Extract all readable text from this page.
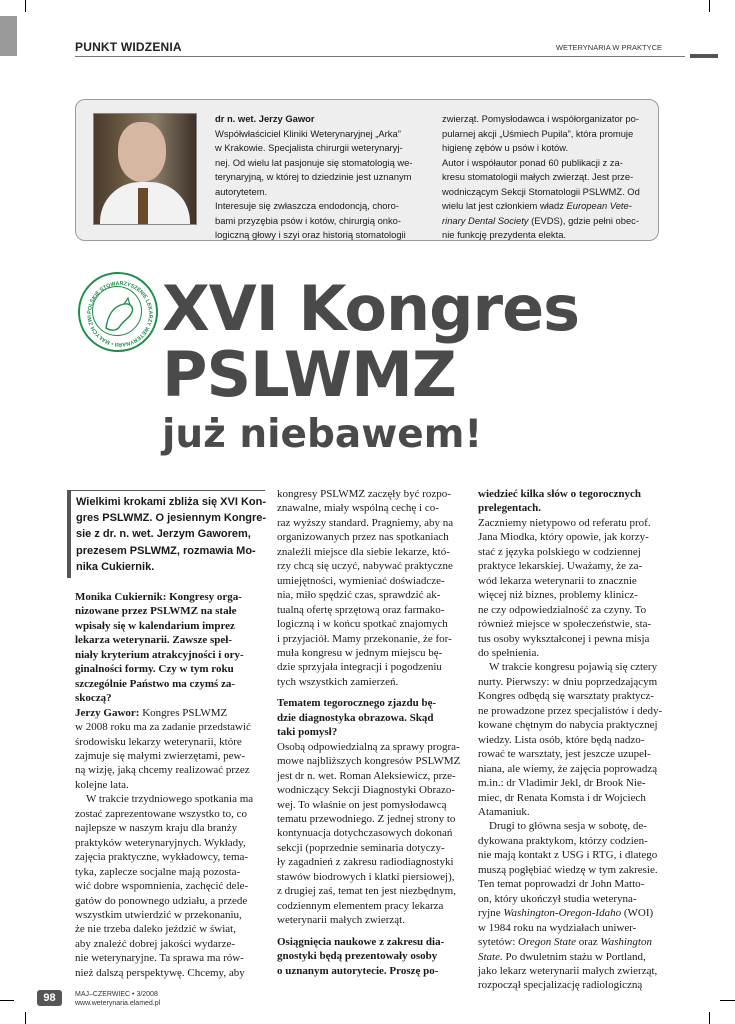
PUNKT WIDZENIA	WETERYNARIA W PRAKTYCE
dr n. wet. Jerzy Gawor
Współwłaściciel Kliniki Weterynaryjnej „Arka”
w Krakowie. Specjalista chirurgii weterynaryj-
nej. Od wielu lat pasjonuje się stomatologią we-
terynaryjną, w której to dziedzinie jest uznanym
autorytetem.
Interesuje się zwłaszcza endodoncją, choro-
bami przyzębia psów i kotów, chirurgią onko-
logiczną głowy i szyi oraz historią stomatologii
zwierząt. Pomysłodawca i współorganizator po-
pularnej akcji „Uśmiech Pupila”, która promuje
higienę zębów u psów i kotów.
Autor i współautor ponad 60 publikacji z za-
kresu stomatologii małych zwierząt. Jest prze-
wodniczącym Sekcji Stomatologii PSLWMZ. Od
wielu lat jest członkiem władz European Vete-
rinary Dental Society (EVDS), gdzie pełni obec-
nie funkcję prezydenta elekta.
POLSKIE STOWARZYSZENIE LEKARZY WETERYNARII • MAŁYCH ZWI	XVI Kongres
PSLWMZ
już niebawem!
Wielkimi krokami zbliża się XVI Kon-
gres PSLWMZ. O jesiennym Kongre-
sie z dr. n. wet. Jerzym Gaworem,
prezesem PSLWMZ, rozmawia Mo-
nika Cukiernik.
Monika Cukiernik: Kongresy orga-
nizowane przez PSLWMZ na stałe
wpisały się w kalendarium imprez
lekarza weterynarii. Zawsze speł-
niały kryterium atrakcyjności i ory-
ginalności formy. Czy w tym roku
szczególnie Państwo ma czymś za-
skoczą?
Jerzy Gawor: Kongres PSLWMZ
w 2008 roku ma za zadanie przedstawić
środowisku lekarzy weterynarii, które
zajmuje się małymi zwierzętami, pew-
ną wizję, jaką chcemy realizować przez
kolejne lata.
W trakcie trzydniowego spotkania ma
zostać zaprezentowane wszystko to, co
najlepsze w naszym kraju dla branży
praktyków weterynaryjnych. Wykłady,
zajęcia praktyczne, wykładowcy, tema-
tyka, zaplecze socjalne mają pozosta-
wić dobre wspomnienia, zachęcić dele-
gatów do ponownego udziału, a przede
wszystkim utwierdzić w przekonaniu,
że nie trzeba daleko jeździć w świat,
aby znaleźć dobrej jakości wydarze-
nie weterynaryjne. Ta sprawa ma rów-
nież dalszą perspektywę. Chcemy, aby
kongresy PSLWMZ zaczęły być rozpo-
znawalne, miały wspólną cechę i co-
raz wyższy standard. Pragniemy, aby na
organizowanych przez nas spotkaniach
znaleźli miejsce dla siebie lekarze, któ-
rzy chcą się uczyć, nabywać praktyczne
umiejętności, wymieniać doświadcze-
nia, miło spędzić czas, sprawdzić ak-
tualną ofertę sprzętową oraz farmako-
logiczną i w końcu spotkać znajomych
i przyjaciół. Mamy przekonanie, że for-
muła kongresu w jednym miejscu bę-
dzie sprzyjała integracji i pogodzeniu
tych wszystkich zamierzeń.
Tematem tegorocznego zjazdu bę-
dzie diagnostyka obrazowa. Skąd
taki pomysł?
Osobą odpowiedzialną za sprawy progra-
mowe najbliższych kongresów PSLWMZ
jest dr n. wet. Roman Aleksiewicz, prze-
wodniczący Sekcji Diagnostyki Obrazo-
wej. To właśnie on jest pomysłodawcą
tematu przewodniego. Z jednej strony to
kontynuacja dotychczasowych dokonań
sekcji (poprzednie seminaria dotyczy-
ły zagadnień z zakresu radiodiagnostyki
stawów biodrowych i klatki piersiowej),
z drugiej zaś, temat ten jest niezbędnym,
codziennym elementem pracy lekarza
weterynarii małych zwierząt.
Osiągnięcia naukowe z zakresu dia-
gnostyki będą prezentowały osoby
o uznanym autorytecie. Proszę po-
wiedzieć kilka słów o tegorocznych
prelegentach.
Zaczniemy nietypowo od referatu prof.
Jana Miodka, który opowie, jak korzy-
stać z języka polskiego w codziennej
praktyce lekarskiej. Uważamy, że za-
wód lekarza weterynarii to znacznie
więcej niż biznes, problemy klinicz-
ne czy odpowiedzialność za czyny. To
również miejsce w społeczeństwie, sta-
tus osoby wykształconej i pewna misja
do spełnienia.
W trakcie kongresu pojawią się cztery
nurty. Pierwszy: w dniu poprzedzającym
Kongres odbędą się warsztaty praktycz-
ne prowadzone przez specjalistów i dedy-
kowane chętnym do nabycia praktycznej
wiedzy. Lista osób, które będą nadzo-
rować te warsztaty, jest jeszcze uzupeł-
niana, ale wiemy, że zajęcia poprowadzą
m.in.: dr Vladimir Jekl, dr Brook Nie-
miec, dr Renata Komsta i dr Wojciech
Atamaniuk.
Drugi to główna sesja w sobotę, de-
dykowana praktykom, którzy codzien-
nie mają kontakt z USG i RTG, i dlatego
muszą pogłębiać wiedzę w tym zakresie.
Ten temat poprowadzi dr John Matto-
on, który ukończył studia weteryna-
ryjne Washington-Oregon-Idaho (WOI)
w 1984 roku na wydziałach uniwer-
sytetów: Oregon State oraz Washington
State. Po dwuletnim stażu w Portland,
jako lekarz weterynarii małych zwierząt,
rozpoczął specjalizację radiologiczną
98	MAJ–CZERWIEC • 3/2008
www.weterynaria.elamed.pl
